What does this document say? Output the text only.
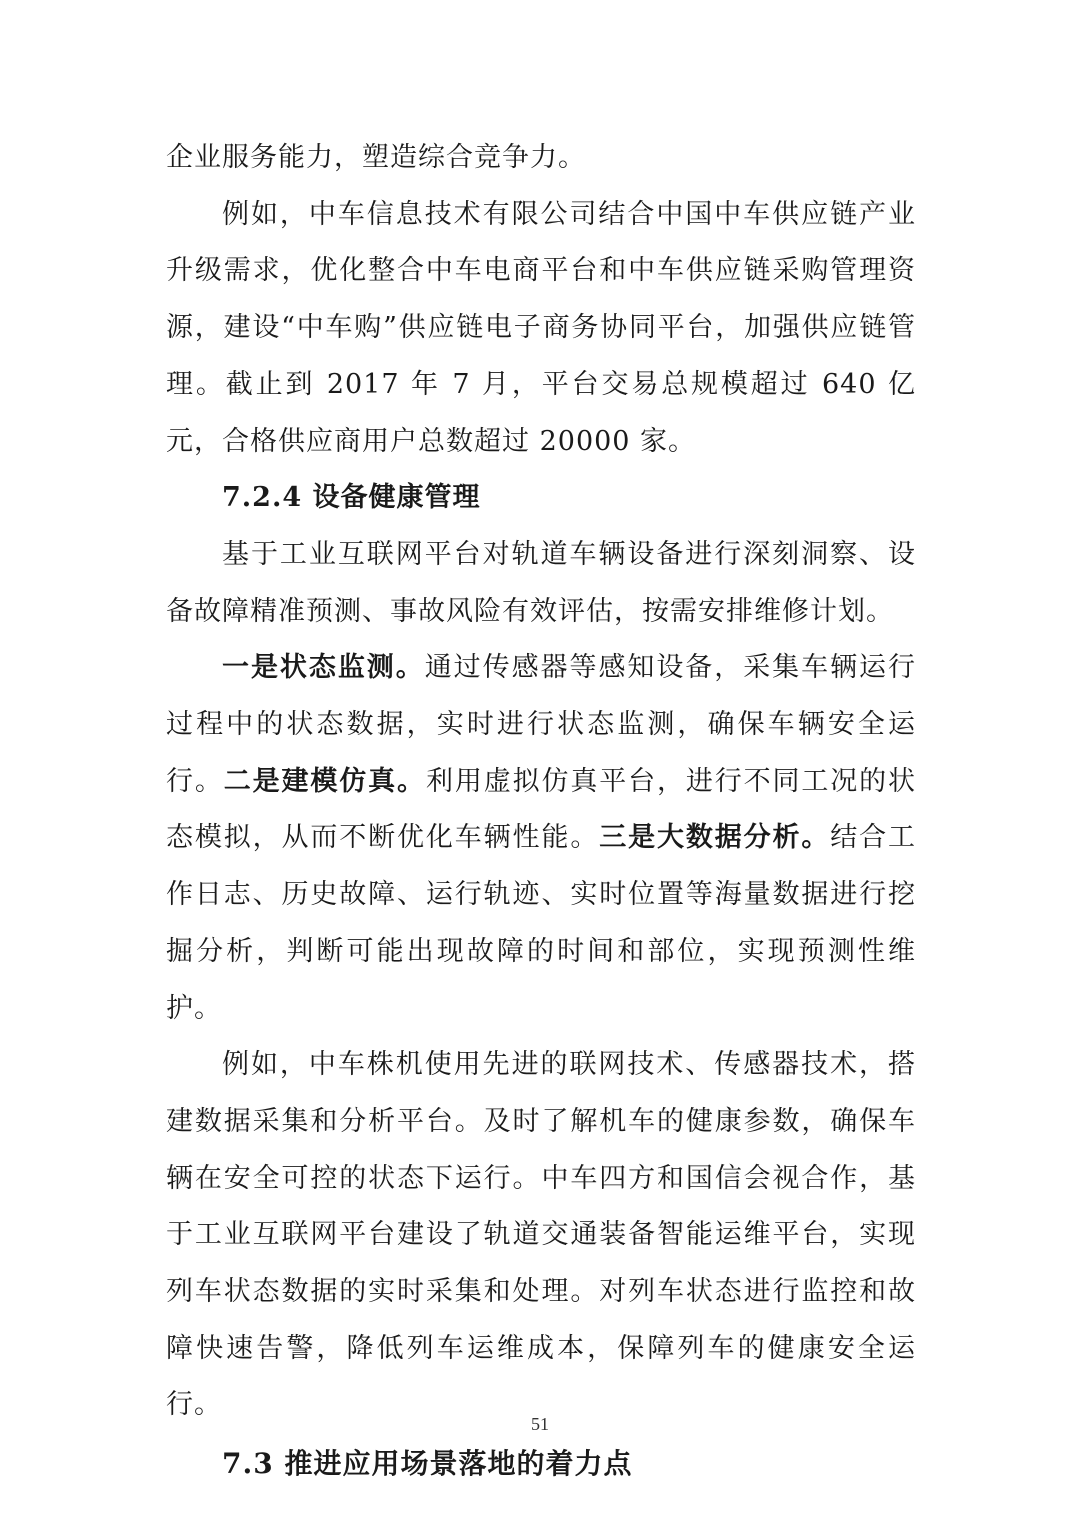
企业服务能力，塑造综合竞争力。

例如，中车信息技术有限公司结合中国中车供应链产业升级需求，优化整合中车电商平台和中车供应链采购管理资源，建设“中车购”供应链电子商务协同平台，加强供应链管理。截止到 2017 年 7 月，平台交易总规模超过 640 亿元，合格供应商用户总数超过 20000 家。

7.2.4 设备健康管理

基于工业互联网平台对轨道车辆设备进行深刻洞察、设备故障精准预测、事故风险有效评估，按需安排维修计划。

一是状态监测。通过传感器等感知设备，采集车辆运行过程中的状态数据，实时进行状态监测，确保车辆安全运行。二是建模仿真。利用虚拟仿真平台，进行不同工况的状态模拟，从而不断优化车辆性能。三是大数据分析。结合工作日志、历史故障、运行轨迹、实时位置等海量数据进行挖掘分析，判断可能出现故障的时间和部位，实现预测性维护。

例如，中车株机使用先进的联网技术、传感器技术，搭建数据采集和分析平台。及时了解机车的健康参数，确保车辆在安全可控的状态下运行。中车四方和国信会视合作，基于工业互联网平台建设了轨道交通装备智能运维平台，实现列车状态数据的实时采集和处理。对列车状态进行监控和故障快速告警，降低列车运维成本，保障列车的健康安全运行。

7.3 推进应用场景落地的着力点
51
